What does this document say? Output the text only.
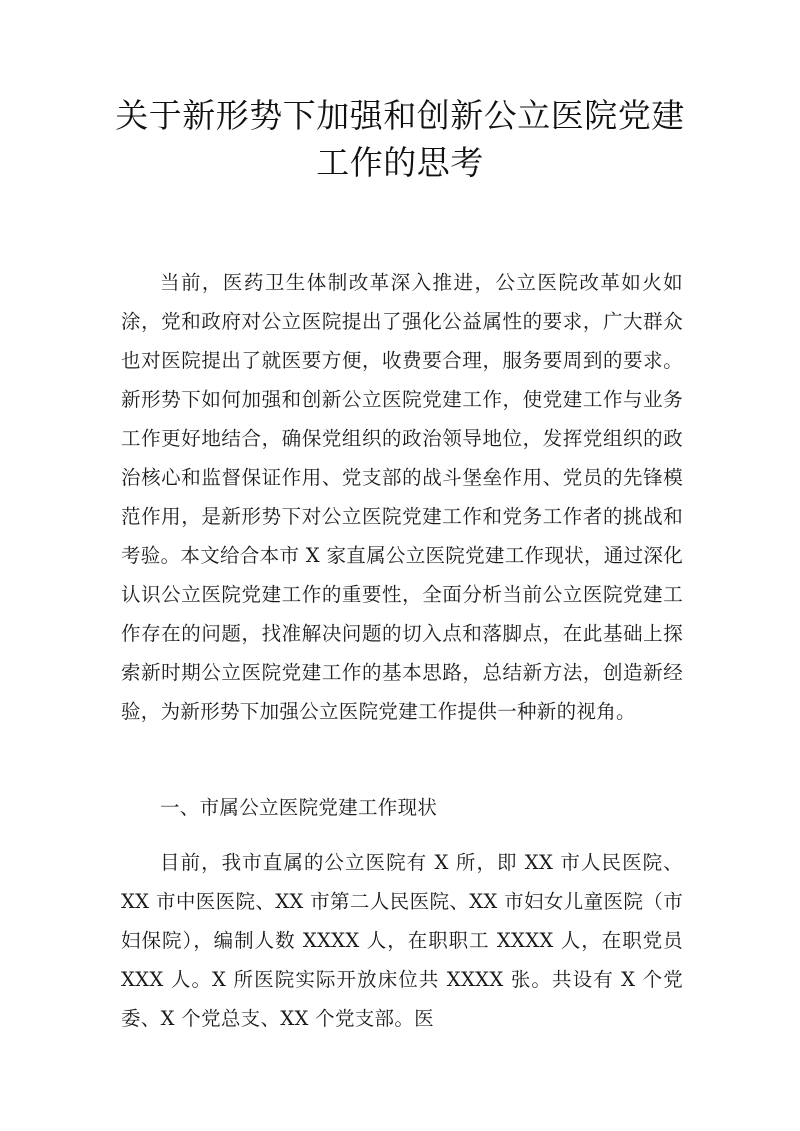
关于新形势下加强和创新公立医院党建工作的思考

当前，医药卫生体制改革深入推进，公立医院改革如火如涂，党和政府对公立医院提出了强化公益属性的要求，广大群众也对医院提出了就医要方便，收费要合理，服务要周到的要求。新形势下如何加强和创新公立医院党建工作，使党建工作与业务工作更好地结合，确保党组织的政治领导地位，发挥党组织的政治核心和监督保证作用、党支部的战斗堡垒作用、党员的先锋模范作用，是新形势下对公立医院党建工作和党务工作者的挑战和考验。本文给合本市 X 家直属公立医院党建工作现状，通过深化认识公立医院党建工作的重要性，全面分析当前公立医院党建工作存在的问题，找准解决问题的切入点和落脚点，在此基础上探索新时期公立医院党建工作的基本思路，总结新方法，创造新经验，为新形势下加强公立医院党建工作提供一种新的视角。

一、市属公立医院党建工作现状

目前，我市直属的公立医院有 X 所，即 XX 市人民医院、XX 市中医医院、XX 市第二人民医院、XX 市妇女儿童医院（市妇保院），编制人数 XXXX 人，在职职工 XXXX 人，在职党员 XXX 人。X 所医院实际开放床位共 XXXX 张。共设有 X 个党委、X 个党总支、XX 个党支部。医
